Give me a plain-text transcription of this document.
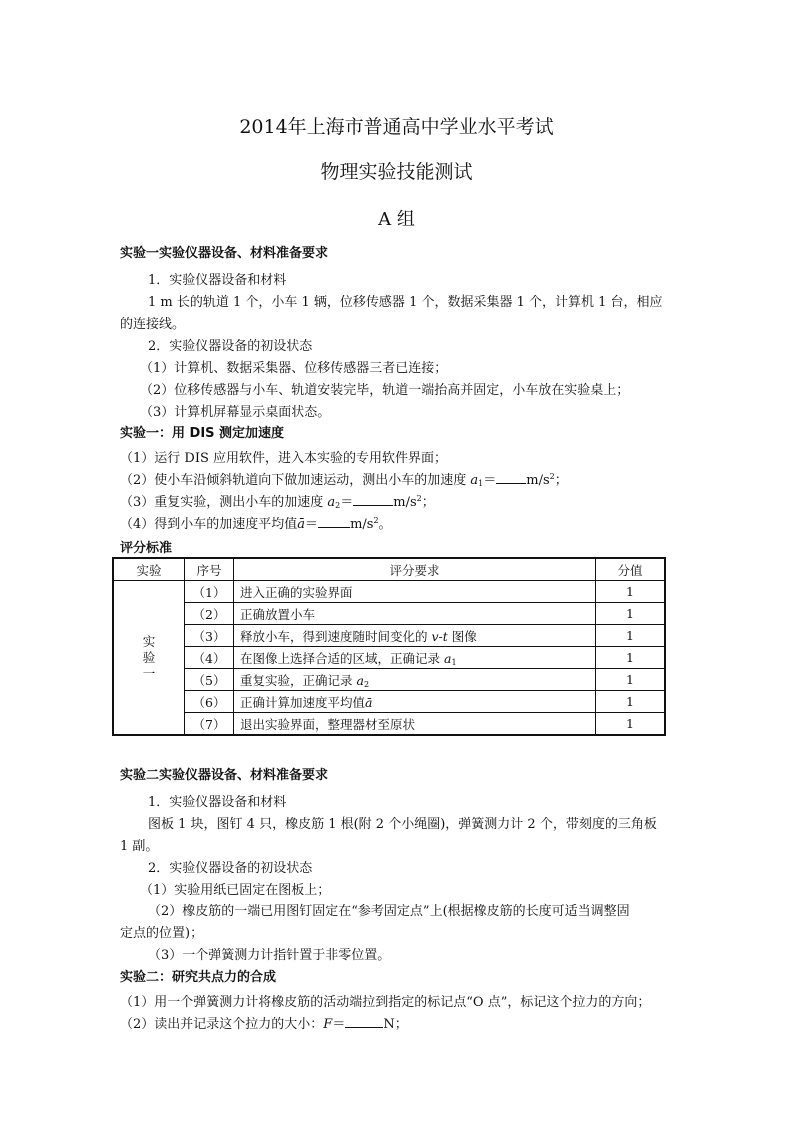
2014年上海市普通高中学业水平考试
物理实验技能测试
A 组
实验一实验仪器设备、材料准备要求
1．实验仪器设备和材料
1 m 长的轨道 1 个，小车 1 辆，位移传感器 1 个，数据采集器 1 个，计算机 1 台，相应
的连接线。
2．实验仪器设备的初设状态
（1）计算机、数据采集器、位移传感器三者已连接；
（2）位移传感器与小车、轨道安装完毕，轨道一端抬高并固定，小车放在实验桌上；
（3）计算机屏幕显示桌面状态。
实验一：用 DIS 测定加速度
（1）运行 DIS 应用软件，进入本实验的专用软件界面；
（2）使小车沿倾斜轨道向下做加速运动，测出小车的加速度 $a_1= m/s^2$；
（3）重复实验，测出小车的加速度 $a_2=$	$m/s^2$；
（4）得到小车的加速度平均值ā＝ $m/s^2$。
评分标准
实验	序号	评分要求	分值

实
验
一	（1）	进入正确的实验界面	1
	（2）	正确放置小车	1
	（3）	释放小车，得到速度随时间变化的 v-t 图像	1
	（4）	在图像上选择合适的区域，正确记录 $a_1$	1
	（5）	重复实验，正确记录 $a_2$	1
	（6）	正确计算加速度平均值ā	1
	（7）	退出实验界面，整理器材至原状	1
实验二实验仪器设备、材料准备要求
1．实验仪器设备和材料
图板 1 块，图钉 4 只，橡皮筋 1 根(附 2 个小绳圈)，弹簧测力计 2 个，带刻度的三角板
1 副。
2．实验仪器设备的初设状态
（1）实验用纸已固定在图板上；
（2）橡皮筋的一端已用图钉固定在“参考固定点”上(根据橡皮筋的长度可适当调整固
定点的位置)；
（3）一个弹簧测力计指针置于非零位置。
实验二：研究共点力的合成
（1）用一个弹簧测力计将橡皮筋的活动端拉到指定的标记点“O 点”，标记这个拉力的方向；
（2）读出并记录这个拉力的大小：F＝	N；
